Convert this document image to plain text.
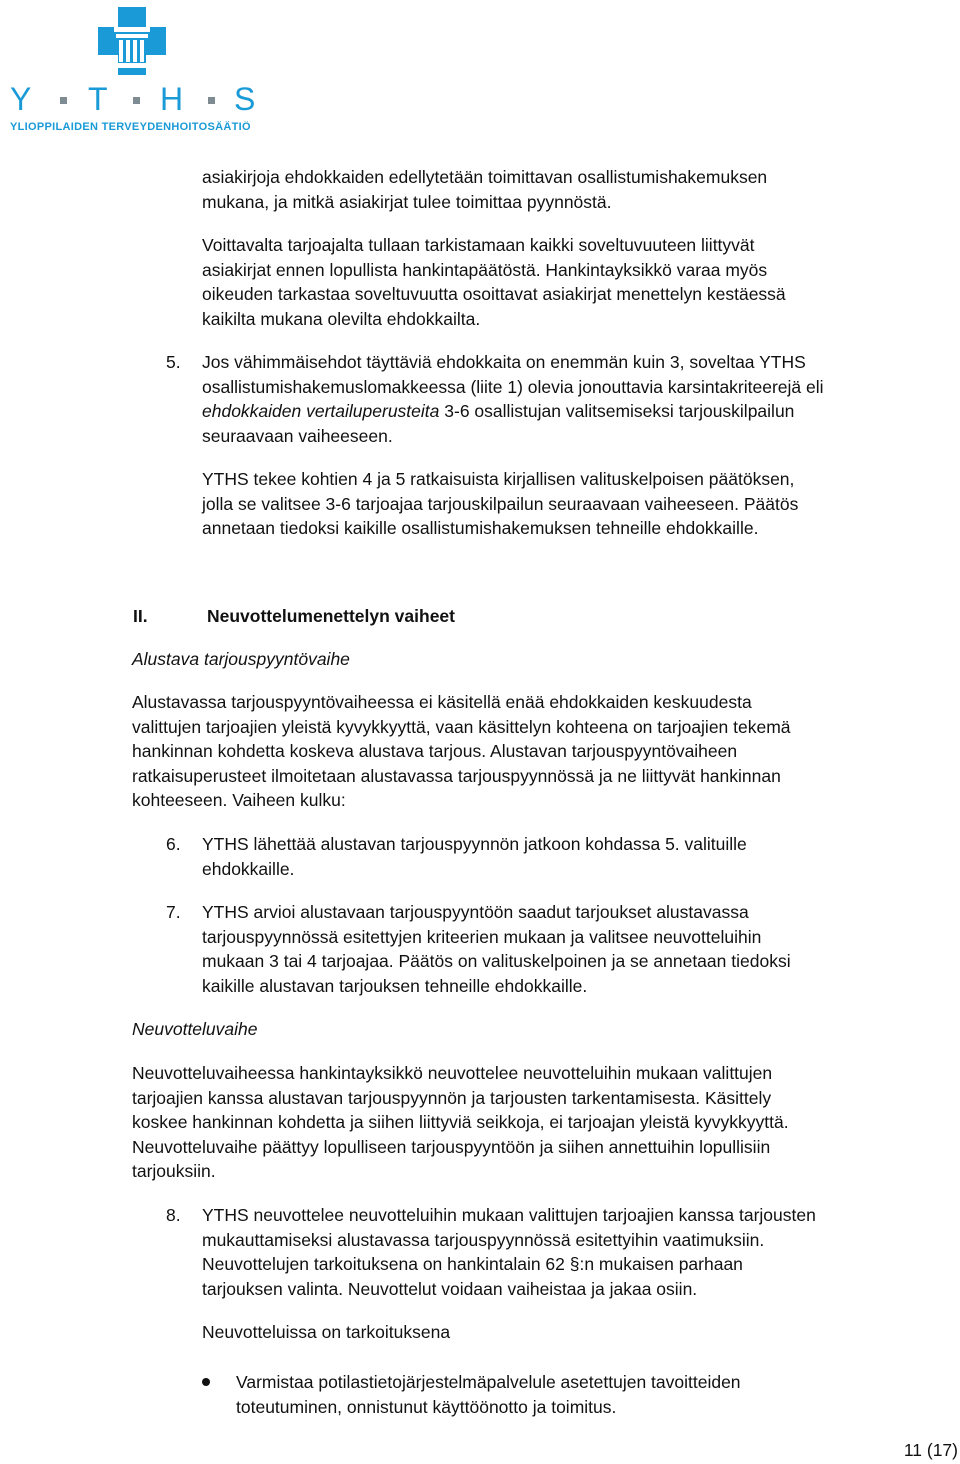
Y T H S
YLIOPPILAIDEN TERVEYDENHOITOSÄÄTIÖ
asiakirjoja ehdokkaiden edellytetään toimittavan osallistumishakemuksen
mukana, ja mitkä asiakirjat tulee toimittaa pyynnöstä.
Voittavalta tarjoajalta tullaan tarkistamaan kaikki soveltuvuuteen liittyvät
asiakirjat ennen lopullista hankintapäätöstä. Hankintayksikkö varaa myös
oikeuden tarkastaa soveltuvuutta osoittavat asiakirjat menettelyn kestäessä
kaikilta mukana olevilta ehdokkailta.
5. Jos vähimmäisehdot täyttäviä ehdokkaita on enemmän kuin 3, soveltaa YTHS
osallistumishakemuslomakkeessa (liite 1) olevia jonouttavia karsintakriteerejä eli
ehdokkaiden vertailuperusteita 3-6 osallistujan valitsemiseksi tarjouskilpailun
seuraavaan vaiheeseen.
YTHS tekee kohtien 4 ja 5 ratkaisuista kirjallisen valituskelpoisen päätöksen,
jolla se valitsee 3-6 tarjoajaa tarjouskilpailun seuraavaan vaiheeseen. Päätös
annetaan tiedoksi kaikille osallistumishakemuksen tehneille ehdokkaille.
II.	Neuvottelumenettelyn vaiheet
Alustava tarjouspyyntövaihe
Alustavassa tarjouspyyntövaiheessa ei käsitellä enää ehdokkaiden keskuudesta
valittujen tarjoajien yleistä kyvykkyyttä, vaan käsittelyn kohteena on tarjoajien tekemä
hankinnan kohdetta koskeva alustava tarjous. Alustavan tarjouspyyntövaiheen
ratkaisuperusteet ilmoitetaan alustavassa tarjouspyynnössä ja ne liittyvät hankinnan
kohteeseen. Vaiheen kulku:
6. YTHS lähettää alustavan tarjouspyynnön jatkoon kohdassa 5. valituille
ehdokkaille.
7. YTHS arvioi alustavaan tarjouspyyntöön saadut tarjoukset alustavassa
tarjouspyynnössä esitettyjen kriteerien mukaan ja valitsee neuvotteluihin
mukaan 3 tai 4 tarjoajaa. Päätös on valituskelpoinen ja se annetaan tiedoksi
kaikille alustavan tarjouksen tehneille ehdokkaille.
Neuvotteluvaihe
Neuvotteluvaiheessa hankintayksikkö neuvottelee neuvotteluihin mukaan valittujen
tarjoajien kanssa alustavan tarjouspyynnön ja tarjousten tarkentamisesta. Käsittely
koskee hankinnan kohdetta ja siihen liittyviä seikkoja, ei tarjoajan yleistä kyvykkyyttä.
Neuvotteluvaihe päättyy lopulliseen tarjouspyyntöön ja siihen annettuihin lopullisiin
tarjouksiin.
8. YTHS neuvottelee neuvotteluihin mukaan valittujen tarjoajien kanssa tarjousten
mukauttamiseksi alustavassa tarjouspyynnössä esitettyihin vaatimuksiin.
Neuvottelujen tarkoituksena on hankintalain 62 §:n mukaisen parhaan
tarjouksen valinta. Neuvottelut voidaan vaiheistaa ja jakaa osiin.
Neuvotteluissa on tarkoituksena
Varmistaa potilastietojärjestelmäpalvelule asetettujen tavoitteiden
toteutuminen, onnistunut käyttöönotto ja toimitus.
11 (17)
